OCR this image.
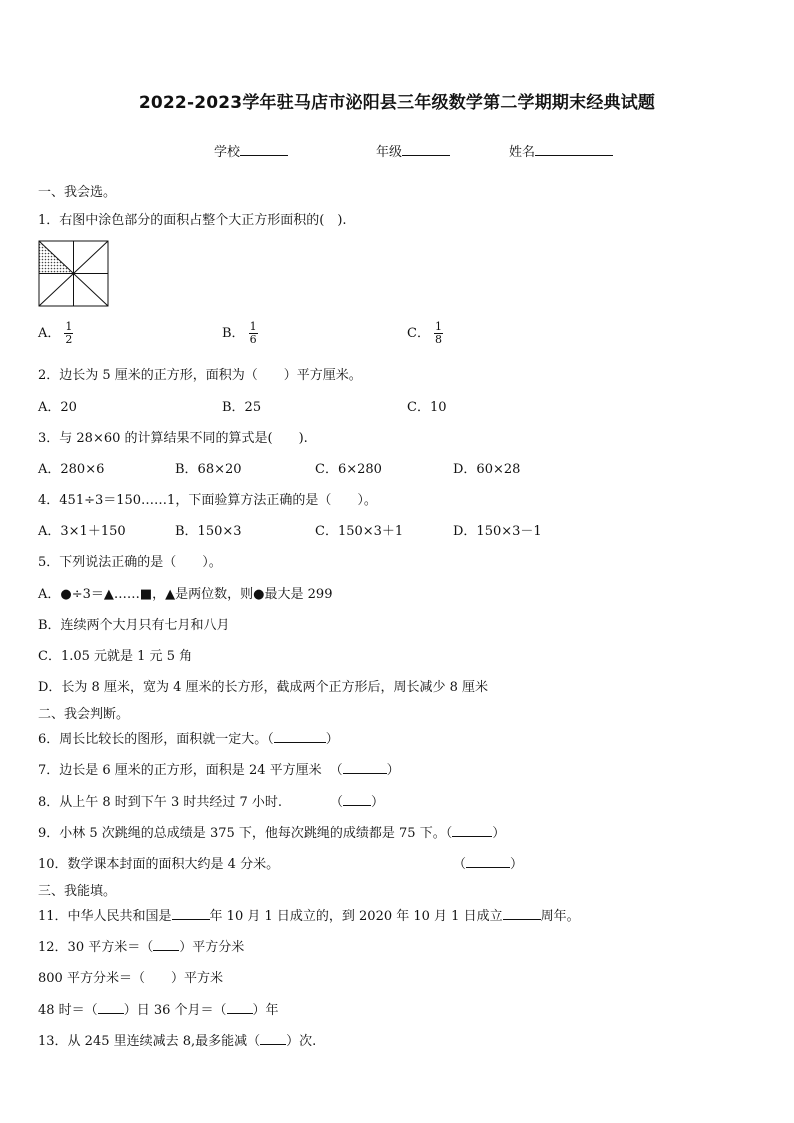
2022-2023学年驻马店市泌阳县三年级数学第二学期期末经典试题
学校	年级	姓名
一、我会选。
1．右图中涂色部分的面积占整个大正方形面积的(　).
A． $\frac{1}{2}$	B． $\frac{1}{6}$	C． $\frac{1}{8}$
2．边长为 5 厘米的正方形，面积为（　　）平方厘米。
A．20	B．25	C．10
3．与 28×60 的计算结果不同的算式是(　　).
A．280×6	B．68×20	C．6×280	D．60×28
4．451÷3＝150……1，下面验算方法正确的是（　　）。
A．3×1＋150	B．150×3	C．150×3＋1	D．150×3－1
5．下列说法正确的是（　　）。
A．●÷3＝▲……■，▲是两位数，则●最大是 299
B．连续两个大月只有七月和八月
C．1.05 元就是 1 元 5 角
D．长为 8 厘米，宽为 4 厘米的长方形，截成两个正方形后，周长减少 8 厘米
二、我会判断。
6．周长比较长的图形，面积就一定大。（	）
7．边长是 6 厘米的正方形，面积是 24 平方厘米 （	）
8．从上午 8 时到下午 3 时共经过 7 小时.	（ ）
9．小林 5 次跳绳的总成绩是 375 下，他每次跳绳的成绩都是 75 下。（	）
10．数学课本封面的面积大约是 4 分米。	（	）
三、我能填。
11．中华人民共和国是	年 10 月 1 日成立的，到 2020 年 10 月 1 日成立	周年。
12．30 平方米＝（ ）平方分米
800 平方分米＝（　　）平方米
48 时＝（ ）日 36 个月＝（ ）年
13．从 245 里连续减去 8,最多能减（ ）次.
